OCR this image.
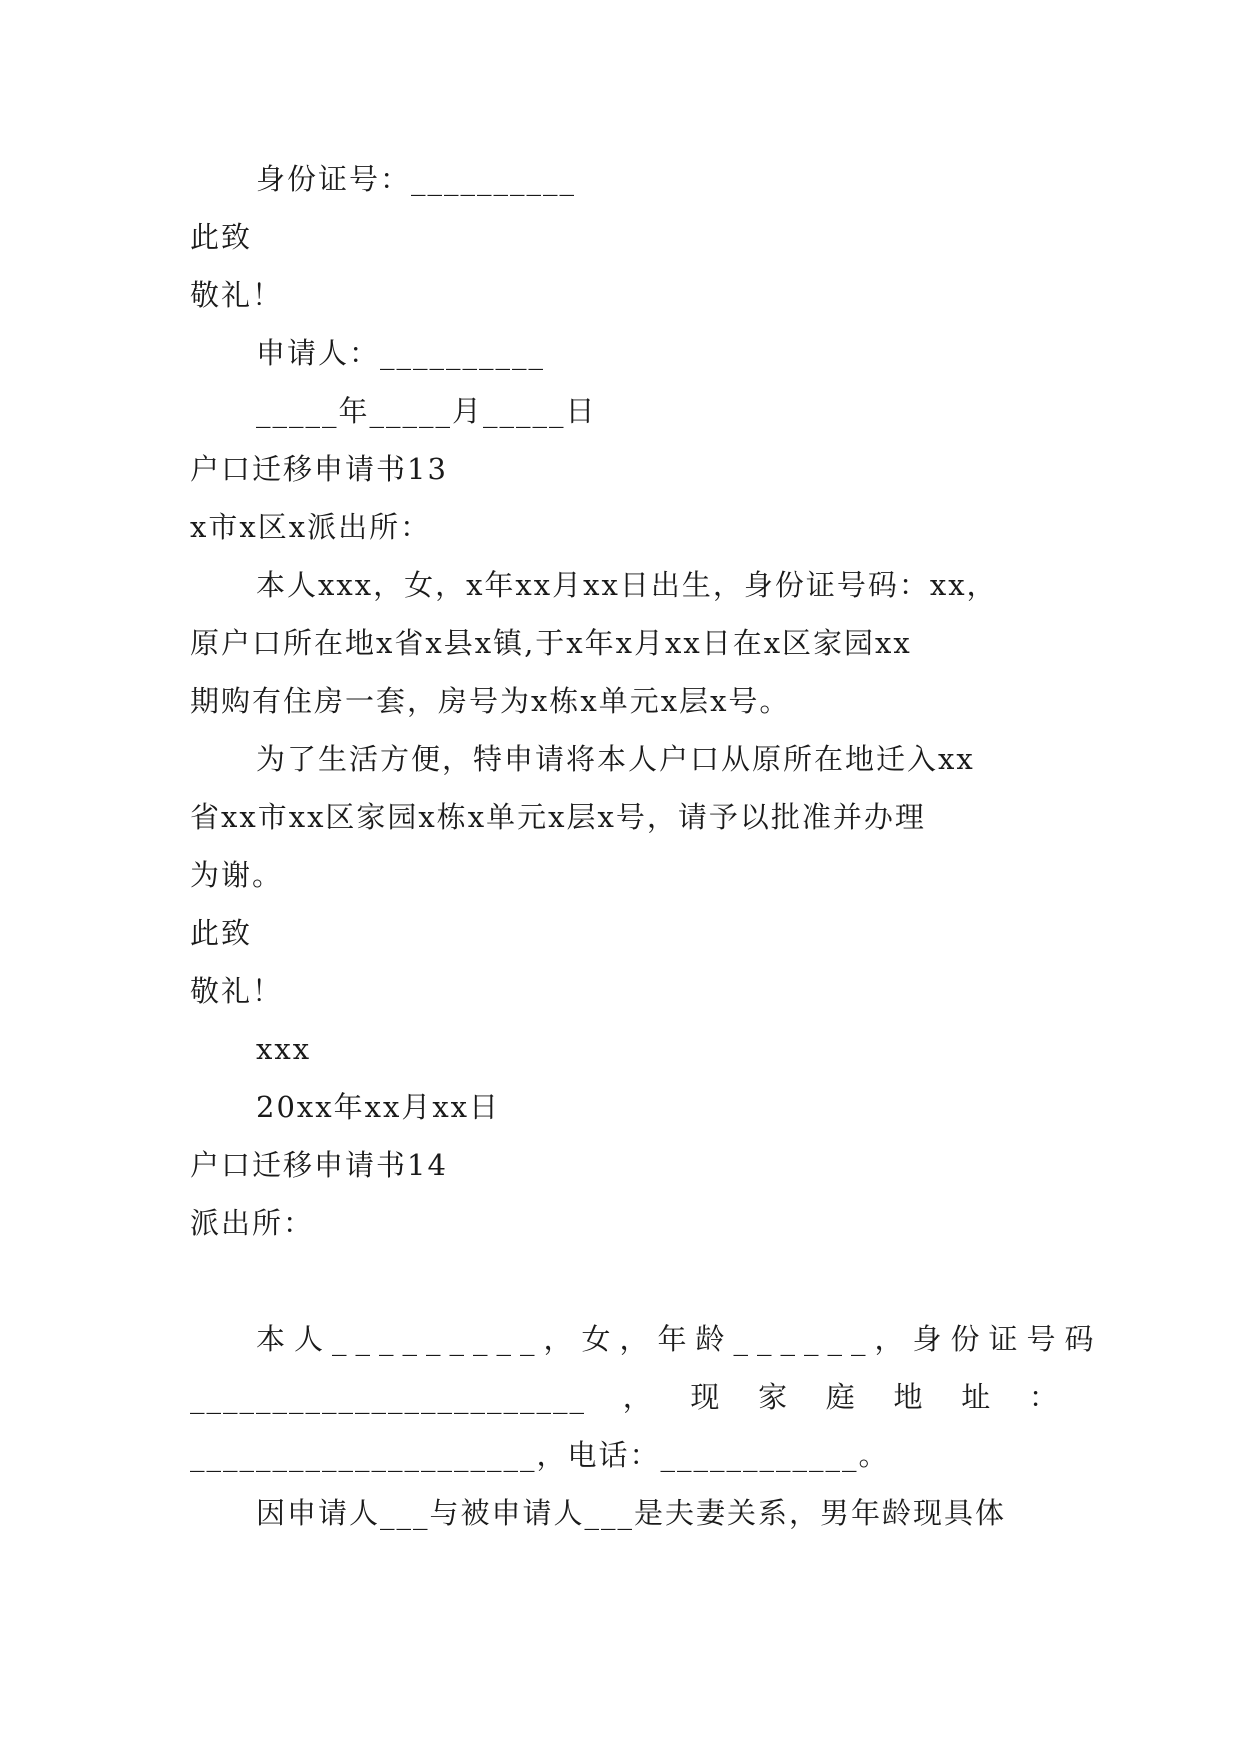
身份证号：__________
此致
敬礼！
申请人：__________
_____年_____月_____日
户口迁移申请书13
x市x区x派出所：
本人xxx，女，x年xx月xx日出生，身份证号码：xx，
原户口所在地x省x县x镇,于x年x月xx日在x区家园xx
期购有住房一套，房号为x栋x单元x层x号。
为了生活方便，特申请将本人户口从原所在地迁入xx
省xx市xx区家园x栋x单元x层x号，请予以批准并办理
为谢。
此致
敬礼！
xxx
20xx年xx月xx日
户口迁移申请书14
派出所：
本人_________，女，年龄______，身份证号码
________________________ ， 现 家 庭 地 址 ：
_____________________，电话：____________。
因申请人___与被申请人___是夫妻关系，男年龄现具体
